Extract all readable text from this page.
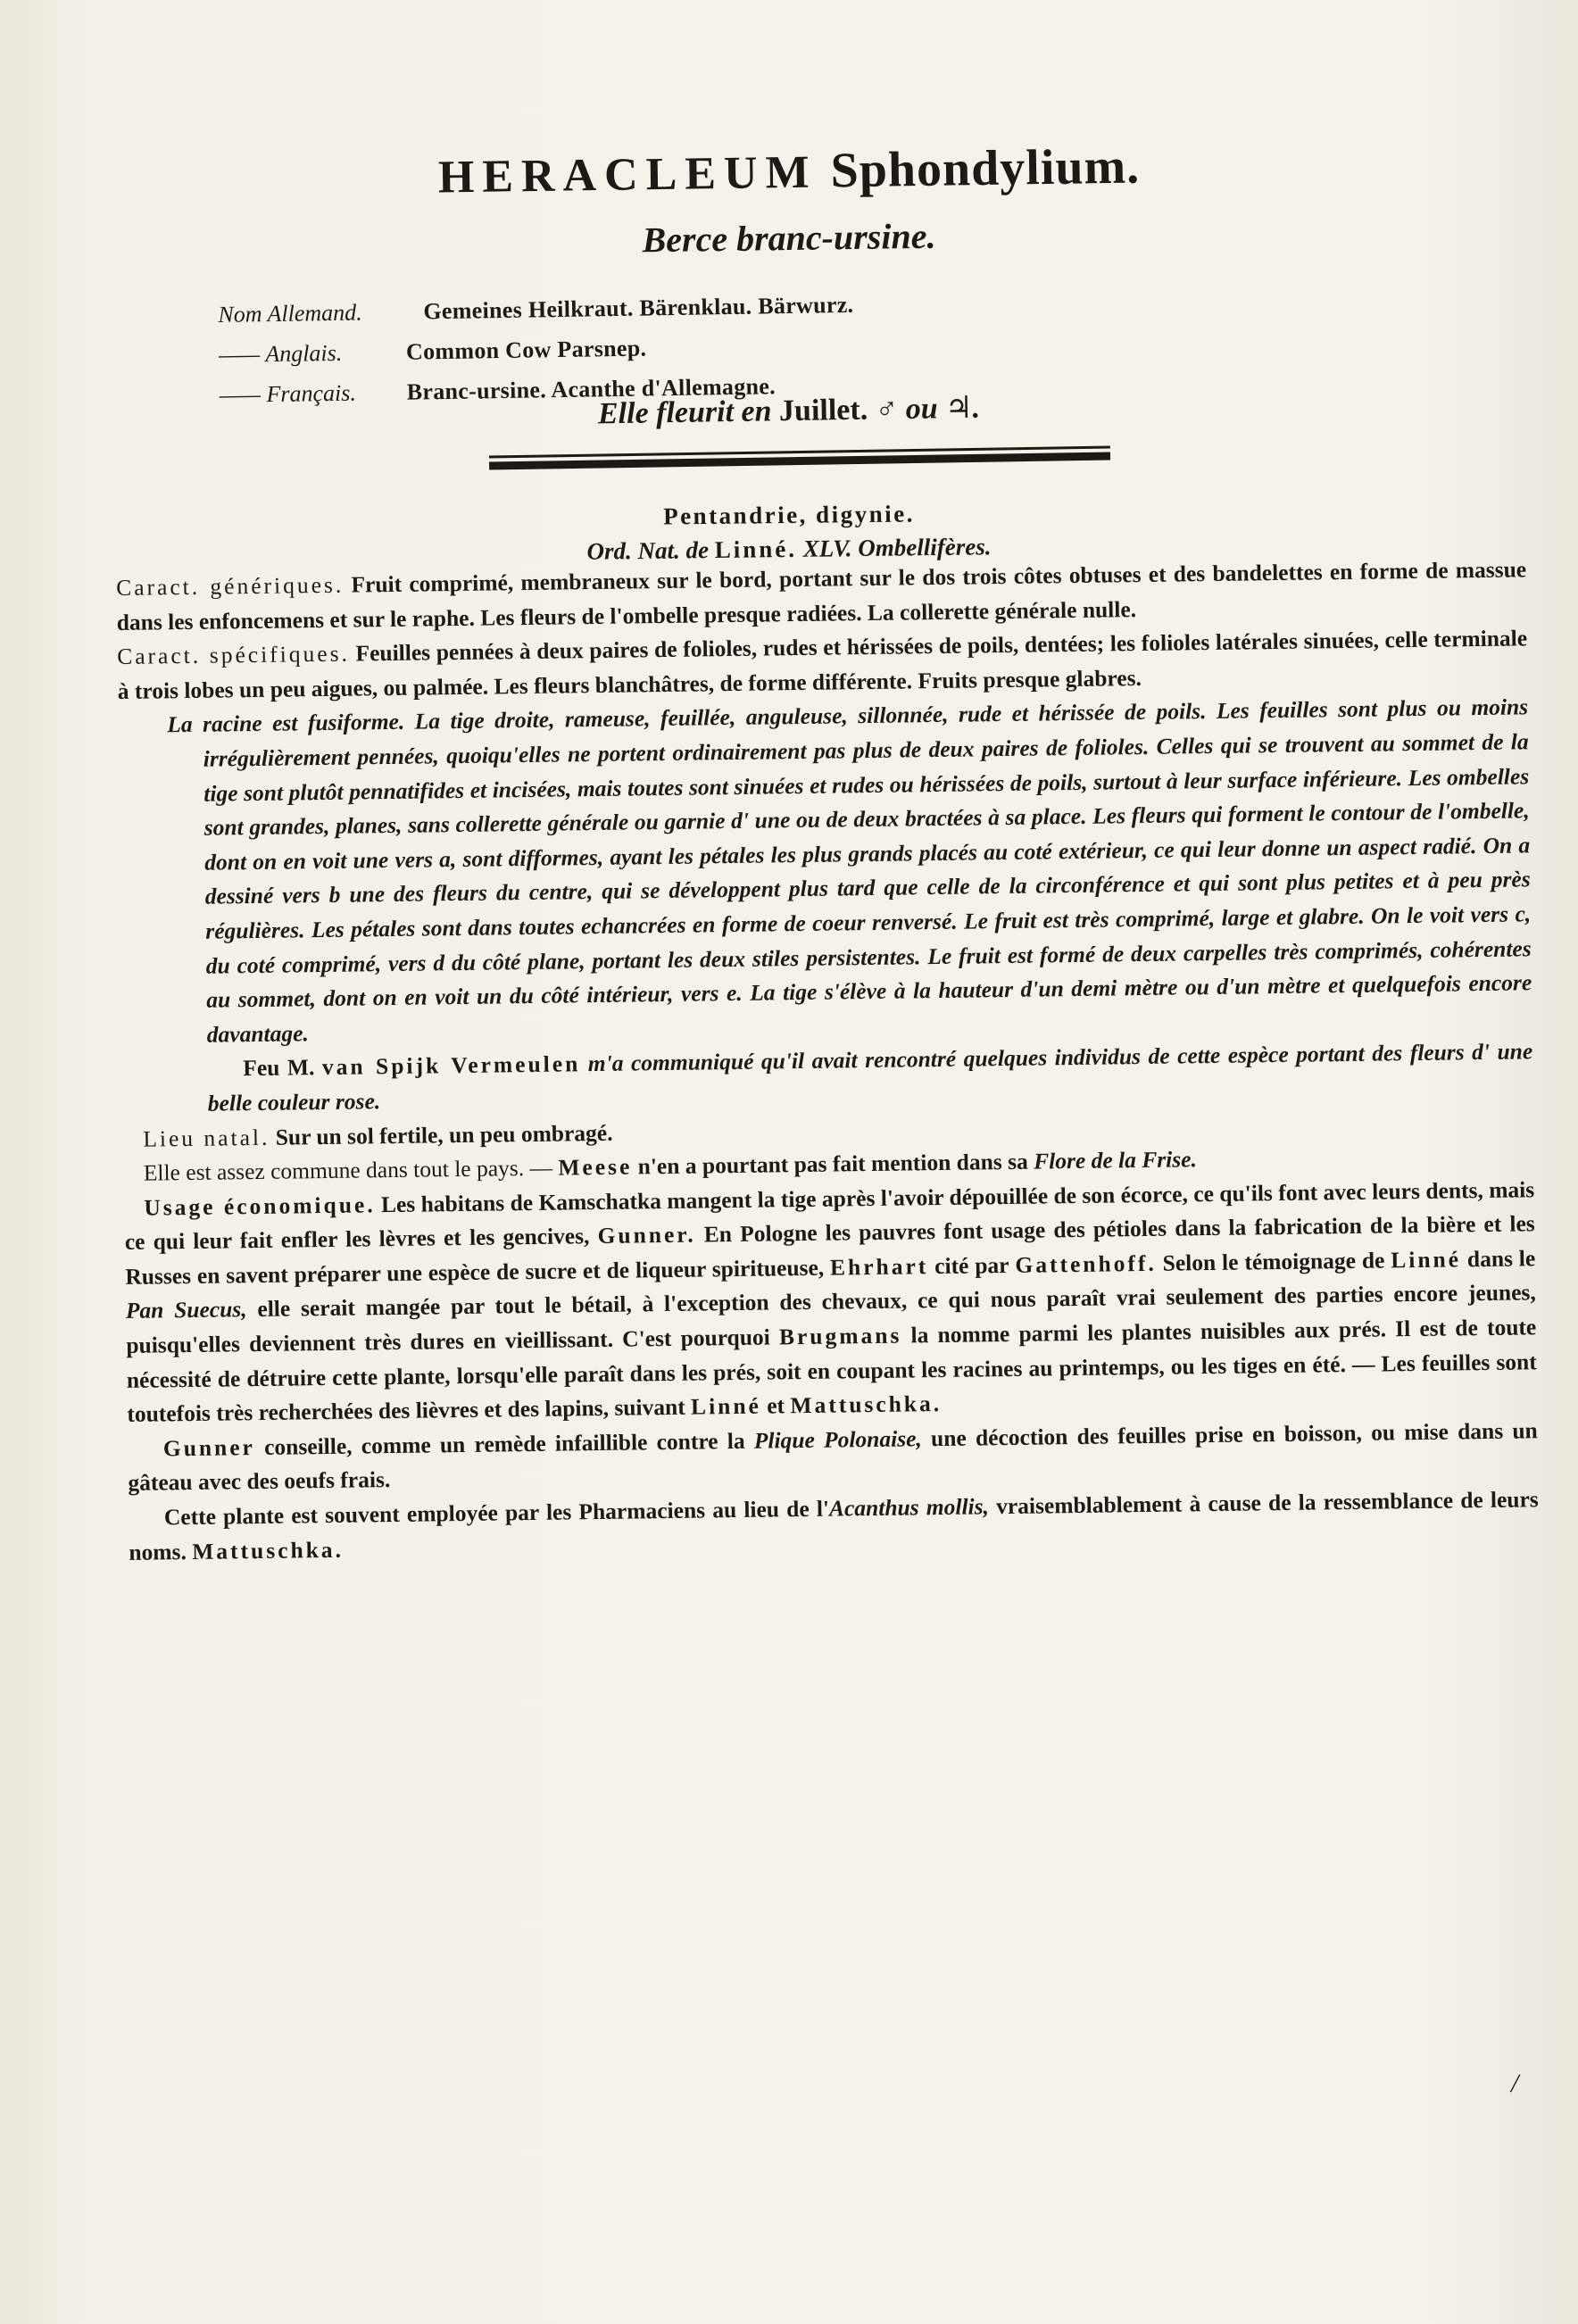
HERACLEUM Sphondylium.
Berce branc-ursine.
Nom Allemand.	Gemeines Heilkraut. Bärenklau. Bärwurz.
—— Anglais.	Common Cow Parsnep.
—— Français.	Branc-ursine. Acanthe d'Allemagne.
Elle fleurit en Juillet. ♂ ou ♃.
Pentandrie, digynie.
Ord. Nat. de Linné. XLV. Ombellifères.

Caract. génériques. Fruit comprimé, membraneux sur le bord, portant sur le dos trois côtes obtuses et des bandelettes en forme de massue dans les enfoncemens et sur le raphe. Les fleurs de l'ombelle presque radiées. La collerette générale nulle.

Caract. spécifiques. Feuilles pennées à deux paires de folioles, rudes et hérissées de poils, dentées; les folioles latérales sinuées, celle terminale à trois lobes un peu aigues, ou palmée. Les fleurs blanchâtres, de forme différente. Fruits presque glabres.

La racine est fusiforme. La tige droite, rameuse, feuillée, anguleuse, sillonnée, rude et hérissée de poils. Les feuilles sont plus ou moins irrégulièrement pennées, quoiqu'elles ne portent ordinairement pas plus de deux paires de folioles. Celles qui se trouvent au sommet de la tige sont plutôt pennatifides et incisées, mais toutes sont sinuées et rudes ou hérissées de poils, surtout à leur surface inférieure. Les ombelles sont grandes, planes, sans collerette générale ou garnie d' une ou de deux bractées à sa place. Les fleurs qui forment le contour de l'ombelle, dont on en voit une vers a, sont difformes, ayant les pétales les plus grands placés au coté extérieur, ce qui leur donne un aspect radié. On a dessiné vers b une des fleurs du centre, qui se développent plus tard que celle de la circonférence et qui sont plus petites et à peu près régulières. Les pétales sont dans toutes echancrées en forme de coeur renversé. Le fruit est très comprimé, large et glabre. On le voit vers c, du coté comprimé, vers d du côté plane, portant les deux stiles persistentes. Le fruit est formé de deux carpelles très comprimés, cohérentes au sommet, dont on en voit un du côté intérieur, vers e. La tige s'élève à la hauteur d'un demi mètre ou d'un mètre et quelquefois encore davantage.

Feu M. van Spijk Vermeulen m'a communiqué qu'il avait rencontré quelques individus de cette espèce portant des fleurs d' une belle couleur rose.

Lieu natal. Sur un sol fertile, un peu ombragé.

Elle est assez commune dans tout le pays. — Meese n'en a pourtant pas fait mention dans sa Flore de la Frise.

Usage économique. Les habitans de Kamschatka mangent la tige après l'avoir dépouillée de son écorce, ce qu'ils font avec leurs dents, mais ce qui leur fait enfler les lèvres et les gencives, Gunner. En Pologne les pauvres font usage des pétioles dans la fabrication de la bière et les Russes en savent préparer une espèce de sucre et de liqueur spiritueuse, Ehrhart cité par Gattenhoff. Selon le témoignage de Linné dans le Pan Suecus, elle serait mangée par tout le bétail, à l'exception des chevaux, ce qui nous paraît vrai seulement des parties encore jeunes, puisqu'elles deviennent très dures en vieillissant. C'est pourquoi Brugmans la nomme parmi les plantes nuisibles aux prés. Il est de toute nécessité de détruire cette plante, lorsqu'elle paraît dans les prés, soit en coupant les racines au printemps, ou les tiges en été. — Les feuilles sont toutefois très recherchées des lièvres et des lapins, suivant Linné et Mattuschka.

Gunner conseille, comme un remède infaillible contre la Plique Polonaise, une décoction des feuilles prise en boisson, ou mise dans un gâteau avec des oeufs frais.

Cette plante est souvent employée par les Pharmaciens au lieu de l'Acanthus mollis, vraisemblablement à cause de la ressemblance de leurs noms. Mattuschka.

/
